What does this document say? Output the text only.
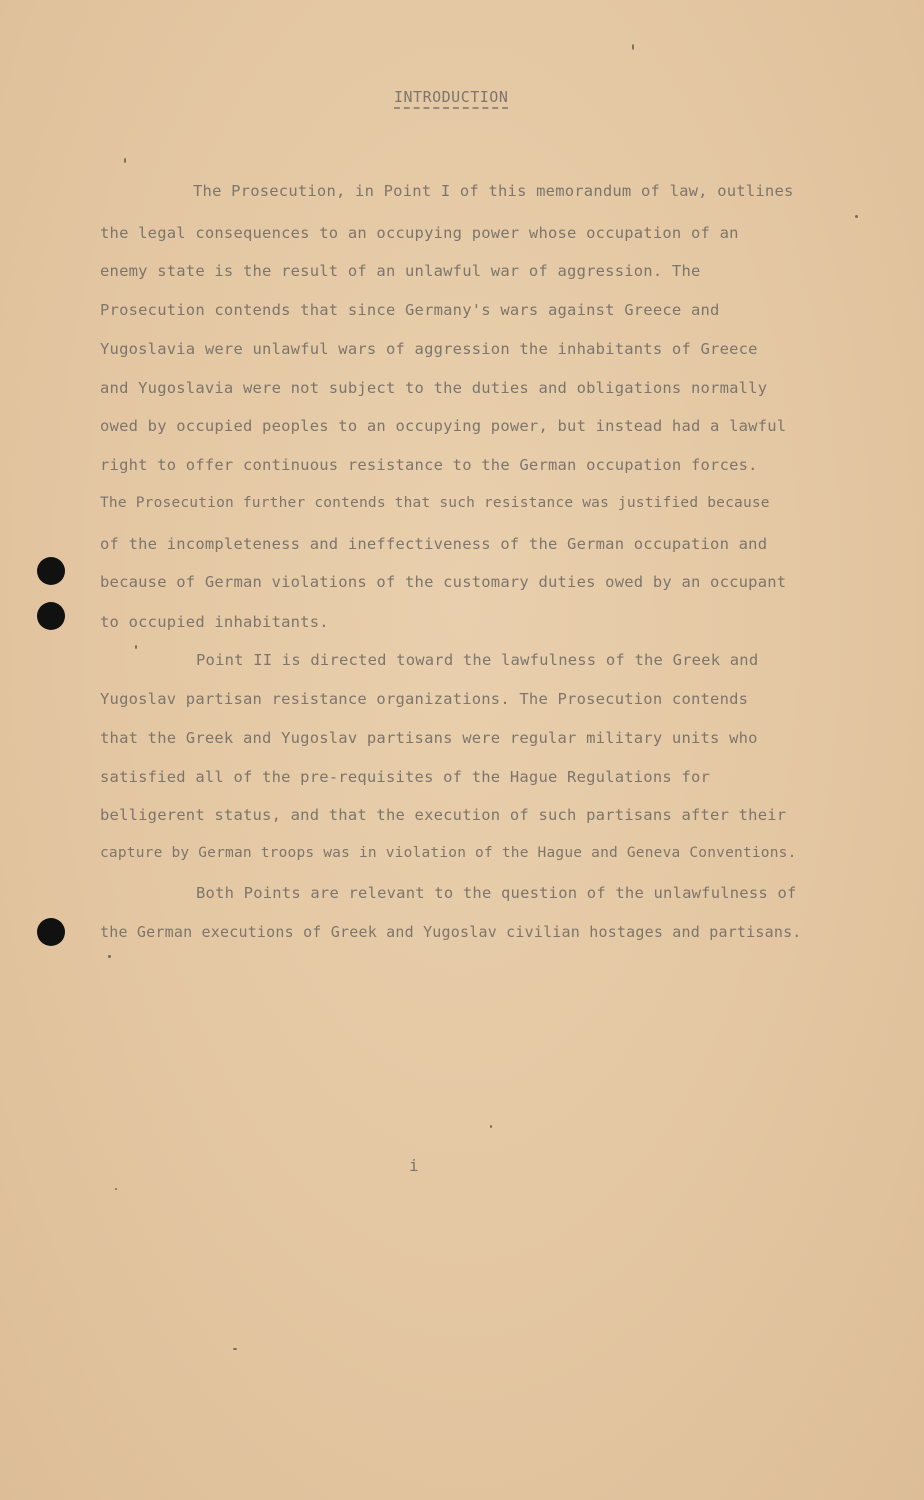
INTRODUCTION
The Prosecution, in Point I of this memorandum of law, outlines
the legal consequences to an occupying power whose occupation of an
enemy state is the result of an unlawful war of aggression. The
Prosecution contends that since Germany's wars against Greece and
Yugoslavia were unlawful wars of aggression the inhabitants of Greece
and Yugoslavia were not subject to the duties and obligations normally
owed by occupied peoples to an occupying power, but instead had a lawful
right to offer continuous resistance to the German occupation forces.
The Prosecution further contends that such resistance was justified because
of the incompleteness and ineffectiveness of the German occupation and
because of German violations of the customary duties owed by an occupant
to occupied inhabitants.
Point II is directed toward the lawfulness of the Greek and
Yugoslav partisan resistance organizations. The Prosecution contends
that the Greek and Yugoslav partisans were regular military units who
satisfied all of the pre-requisites of the Hague Regulations for
belligerent status, and that the execution of such partisans after their
capture by German troops was in violation of the Hague and Geneva Conventions.
Both Points are relevant to the question of the unlawfulness of
the German executions of Greek and Yugoslav civilian hostages and partisans.
i
